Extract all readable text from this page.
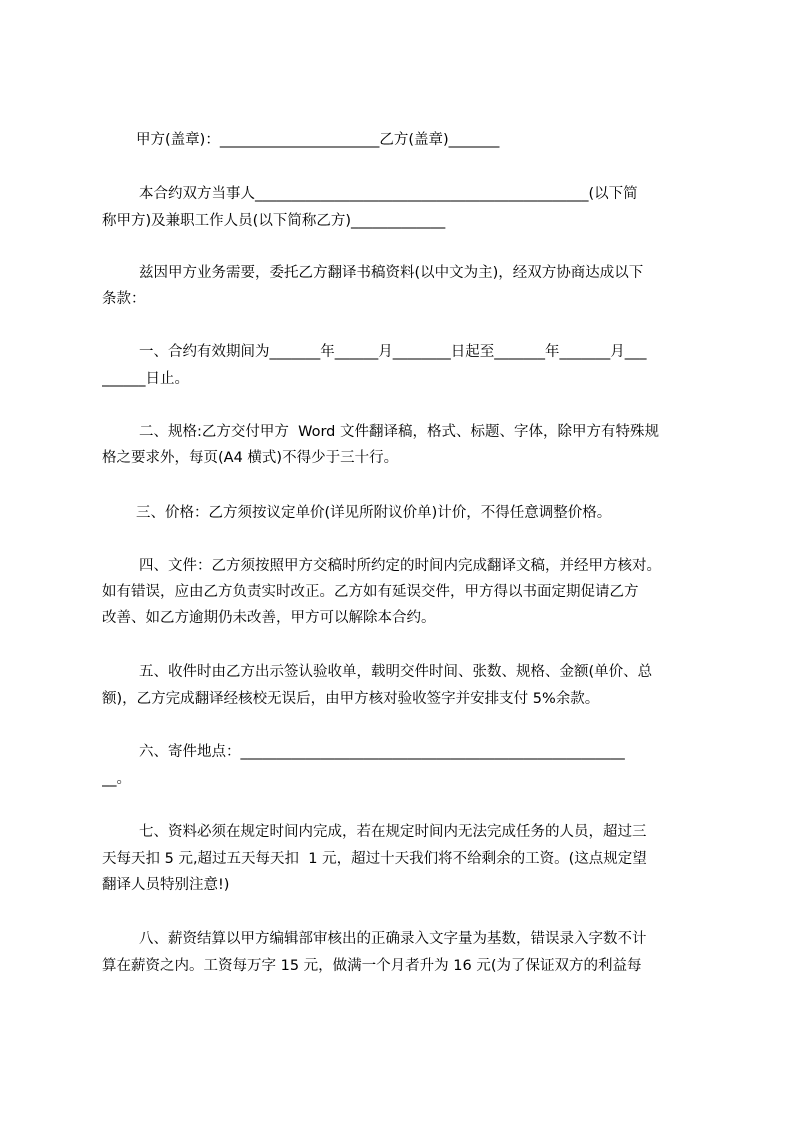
甲方(盖章)：______________________乙方(盖章)_______
本合约双方当事人______________________________________________(以下简
称甲方)及兼职工作人员(以下简称乙方)_____________
兹因甲方业务需要，委托乙方翻译书稿资料(以中文为主)，经双方协商达成以下
条款：
一、合约有效期间为_______年______月________日起至_______年_______月___
______日止。
二、规格:乙方交付甲方  Word 文件翻译稿，格式、标题、字体，除甲方有特殊规
格之要求外，每页(A4 横式)不得少于三十行。
三、价格：乙方须按议定单价(详见所附议价单)计价，不得任意调整价格。
四、文件：乙方须按照甲方交稿时所约定的时间内完成翻译文稿，并经甲方核对。
如有错误，应由乙方负责实时改正。乙方如有延误交件，甲方得以书面定期促请乙方
改善、如乙方逾期仍未改善，甲方可以解除本合约。
五、收件时由乙方出示签认验收单，载明交件时间、张数、规格、金额(单价、总
额)，乙方完成翻译经核校无误后，由甲方核对验收签字并安排支付 5%余款。
六、寄件地点：_____________________________________________________
__。
七、资料必须在规定时间内完成，若在规定时间内无法完成任务的人员，超过三
天每天扣 5 元,超过五天每天扣  1 元，超过十天我们将不给剩余的工资。(这点规定望
翻译人员特别注意!)
八、薪资结算以甲方编辑部审核出的正确录入文字量为基数，错误录入字数不计
算在薪资之内。工资每万字 15 元，做满一个月者升为 16 元(为了保证双方的利益每
